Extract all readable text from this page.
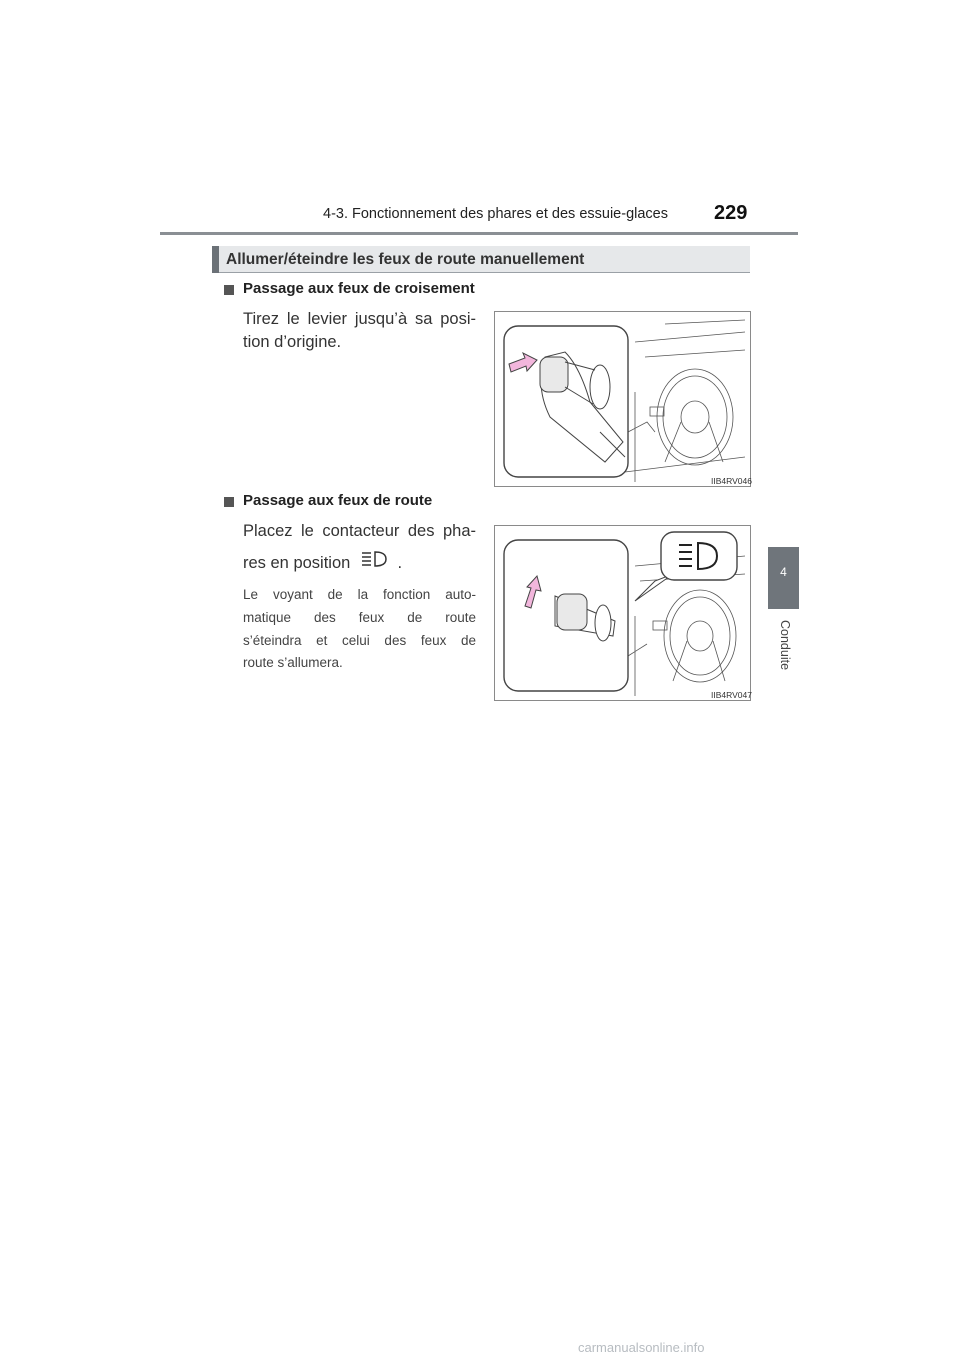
4-3. Fonctionnement des phares et des essuie-glaces 229
Allumer/éteindre les feux de route manuellement
Passage aux feux de croisement
Tirez le levier jusqu’à sa posi-
tion d’origine.
IIB4RV046
Passage aux feux de route
Placez le contacteur des pha-
res en position	.
Le voyant de la fonction auto-
matique des feux de route
s’éteindra et celui des feux de
route s’allumera.
IIB4RV047
4
Conduite
carmanualsonline.info
